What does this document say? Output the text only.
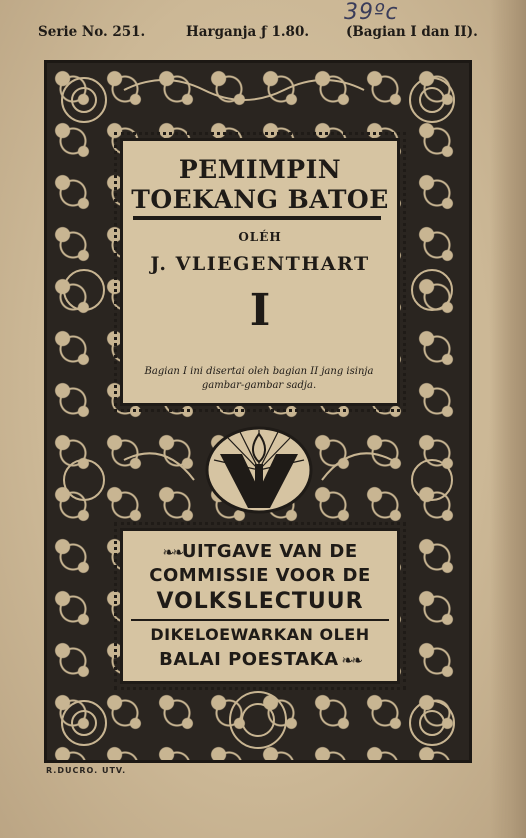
Serie No. 251.	Harganja ƒ 1.80.	(Bagian I dan II).
39ºc
PEMIMPIN
TOEKANG BATOE
OLÉH
J. VLIEGENTHART
I
Bagian I ini disertai oleh bagian II jang isinja gambar-gambar sadja.
❧❧UITGAVE VAN DE
COMMISSIE VOOR DE
VOLKSLECTUUR
DIKELOEWARKAN OLEH
BALAI POESTAKA ❧❧
R.DUCRO. UTV.
